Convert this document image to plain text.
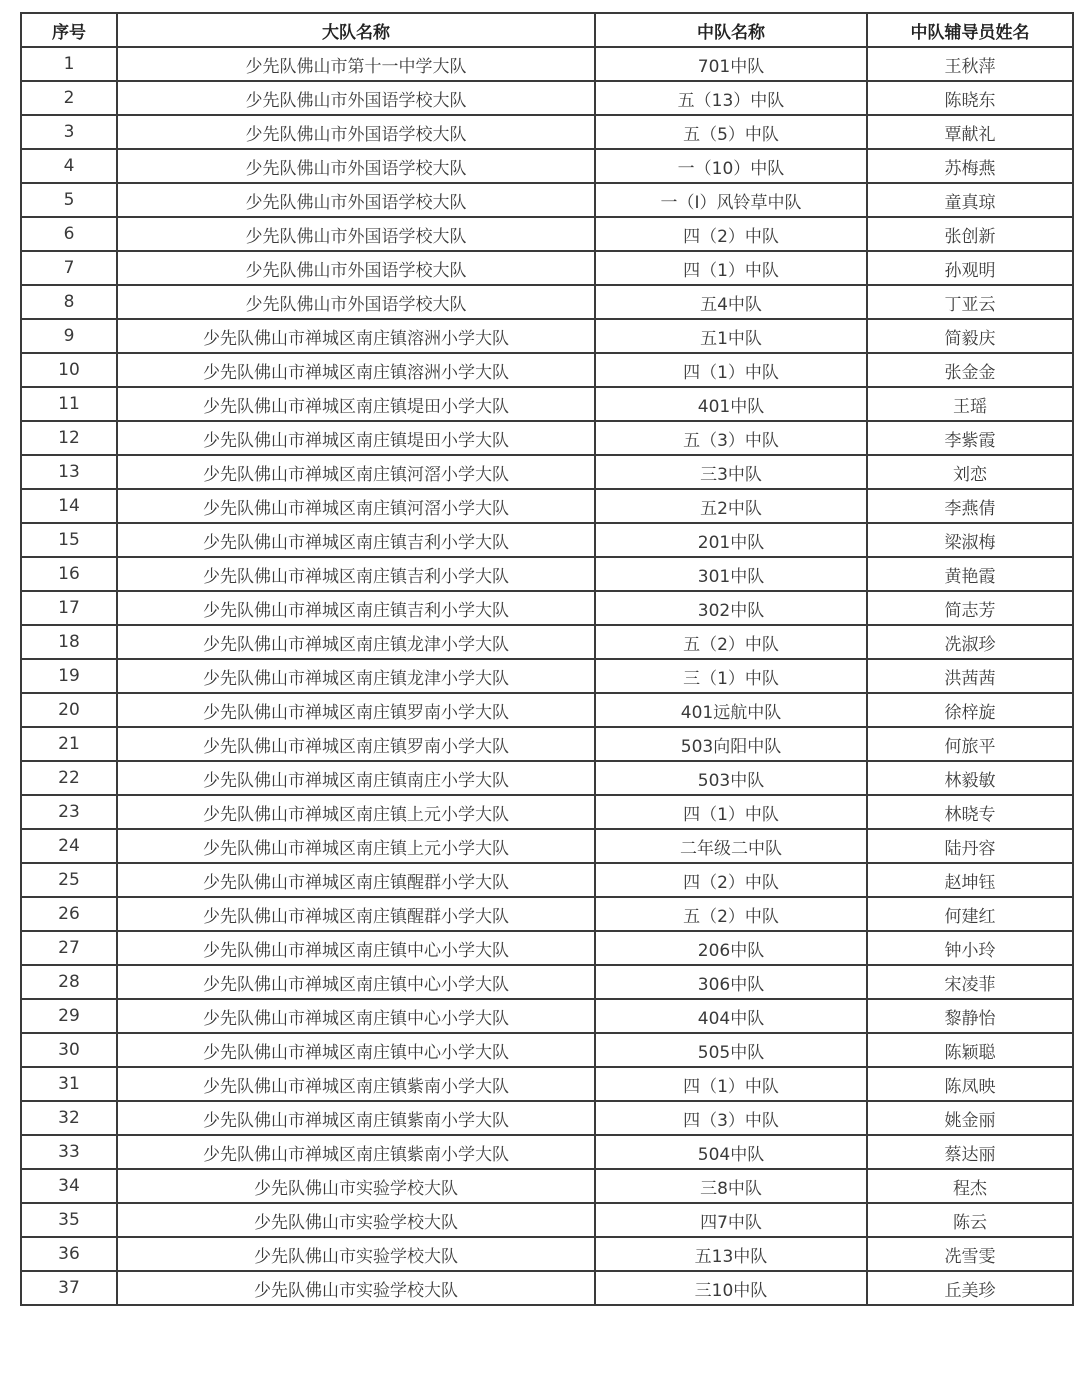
序号	大队名称	中队名称	中队辅导员姓名
1	少先队佛山市第十一中学大队	701中队	王秋萍
2	少先队佛山市外国语学校大队	五（13）中队	陈晓东
3	少先队佛山市外国语学校大队	五（5）中队	覃献礼
4	少先队佛山市外国语学校大队	一（10）中队	苏梅燕
5	少先队佛山市外国语学校大队	一（Ⅰ）风铃草中队	童真琼
6	少先队佛山市外国语学校大队	四（2）中队	张创新
7	少先队佛山市外国语学校大队	四（1）中队	孙观明
8	少先队佛山市外国语学校大队	五4中队	丁亚云
9	少先队佛山市禅城区南庄镇溶洲小学大队	五1中队	简毅庆
10	少先队佛山市禅城区南庄镇溶洲小学大队	四（1）中队	张金金
11	少先队佛山市禅城区南庄镇堤田小学大队	401中队	王瑶
12	少先队佛山市禅城区南庄镇堤田小学大队	五（3）中队	李紫霞
13	少先队佛山市禅城区南庄镇河滘小学大队	三3中队	刘恋
14	少先队佛山市禅城区南庄镇河滘小学大队	五2中队	李燕倩
15	少先队佛山市禅城区南庄镇吉利小学大队	201中队	梁淑梅
16	少先队佛山市禅城区南庄镇吉利小学大队	301中队	黄艳霞
17	少先队佛山市禅城区南庄镇吉利小学大队	302中队	简志芳
18	少先队佛山市禅城区南庄镇龙津小学大队	五（2）中队	冼淑珍
19	少先队佛山市禅城区南庄镇龙津小学大队	三（1）中队	洪茜茜
20	少先队佛山市禅城区南庄镇罗南小学大队	401远航中队	徐梓旋
21	少先队佛山市禅城区南庄镇罗南小学大队	503向阳中队	何旅平
22	少先队佛山市禅城区南庄镇南庄小学大队	503中队	林毅敏
23	少先队佛山市禅城区南庄镇上元小学大队	四（1）中队	林晓专
24	少先队佛山市禅城区南庄镇上元小学大队	二年级二中队	陆丹容
25	少先队佛山市禅城区南庄镇醒群小学大队	四（2）中队	赵坤钰
26	少先队佛山市禅城区南庄镇醒群小学大队	五（2）中队	何建红
27	少先队佛山市禅城区南庄镇中心小学大队	206中队	钟小玲
28	少先队佛山市禅城区南庄镇中心小学大队	306中队	宋凌菲
29	少先队佛山市禅城区南庄镇中心小学大队	404中队	黎静怡
30	少先队佛山市禅城区南庄镇中心小学大队	505中队	陈颖聪
31	少先队佛山市禅城区南庄镇紫南小学大队	四（1）中队	陈凤映
32	少先队佛山市禅城区南庄镇紫南小学大队	四（3）中队	姚金丽
33	少先队佛山市禅城区南庄镇紫南小学大队	504中队	蔡达丽
34	少先队佛山市实验学校大队	三8中队	程杰
35	少先队佛山市实验学校大队	四7中队	陈云
36	少先队佛山市实验学校大队	五13中队	冼雪雯
37	少先队佛山市实验学校大队	三10中队	丘美珍
